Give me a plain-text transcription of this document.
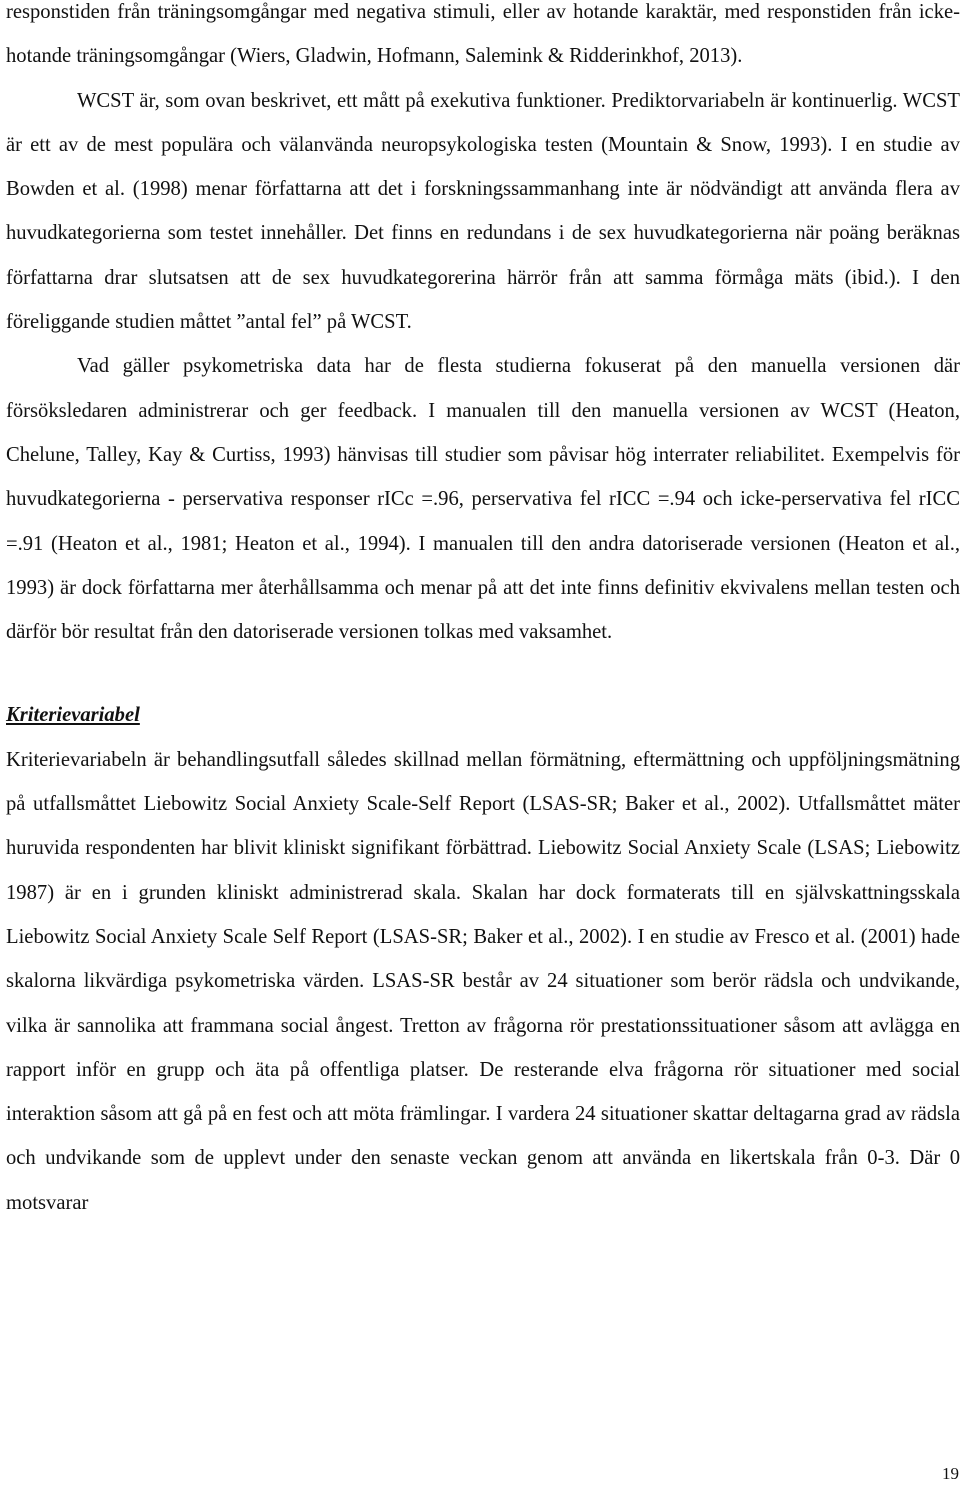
responstiden från träningsomgångar med negativa stimuli, eller av hotande karaktär, med responstiden från icke-hotande träningsomgångar (Wiers, Gladwin, Hofmann, Salemink & Ridderinkhof, 2013).

WCST är, som ovan beskrivet, ett mått på exekutiva funktioner. Prediktorvariabeln är kontinuerlig. WCST är ett av de mest populära och välanvända neuropsykologiska testen (Mountain & Snow, 1993). I en studie av Bowden et al. (1998) menar författarna att det i forskningssammanhang inte är nödvändigt att använda flera av huvudkategorierna som testet innehåller. Det finns en redundans i de sex huvudkategorierna när poäng beräknas författarna drar slutsatsen att de sex huvudkategorerina härrör från att samma förmåga mäts (ibid.). I den föreliggande studien måttet ”antal fel” på WCST.

Vad gäller psykometriska data har de flesta studierna fokuserat på den manuella versionen där försöksledaren administrerar och ger feedback. I manualen till den manuella versionen av WCST (Heaton, Chelune, Talley, Kay & Curtiss, 1993) hänvisas till studier som påvisar hög interrater reliabilitet. Exempelvis för huvudkategorierna - perservativa responser rICc =.96, perservativa fel rICC =.94 och icke-perservativa fel rICC =.91 (Heaton et al., 1981; Heaton et al., 1994). I manualen till den andra datoriserade versionen (Heaton et al., 1993) är dock författarna mer återhållsamma och menar på att det inte finns definitiv ekvivalens mellan testen och därför bör resultat från den datoriserade versionen tolkas med vaksamhet.

Kriterievariabel

Kriterievariabeln är behandlingsutfall således skillnad mellan förmätning, eftermättning och uppföljningsmätning på utfallsmåttet Liebowitz Social Anxiety Scale-Self Report (LSAS-SR; Baker et al., 2002). Utfallsmåttet mäter huruvida respondenten har blivit kliniskt signifikant förbättrad. Liebowitz Social Anxiety Scale (LSAS; Liebowitz 1987) är en i grunden kliniskt administrerad skala. Skalan har dock formaterats till en självskattningsskala Liebowitz Social Anxiety Scale Self Report (LSAS-SR; Baker et al., 2002). I en studie av Fresco et al. (2001) hade skalorna likvärdiga psykometriska värden. LSAS-SR består av 24 situationer som berör rädsla och undvikande, vilka är sannolika att frammana social ångest. Tretton av frågorna rör prestationssituationer såsom att avlägga en rapport inför en grupp och äta på offentliga platser. De resterande elva frågorna rör situationer med social interaktion såsom att gå på en fest och att möta främlingar. I vardera 24 situationer skattar deltagarna grad av rädsla och undvikande som de upplevt under den senaste veckan genom att använda en likertskala från 0-3. Där 0 motsvarar

19
